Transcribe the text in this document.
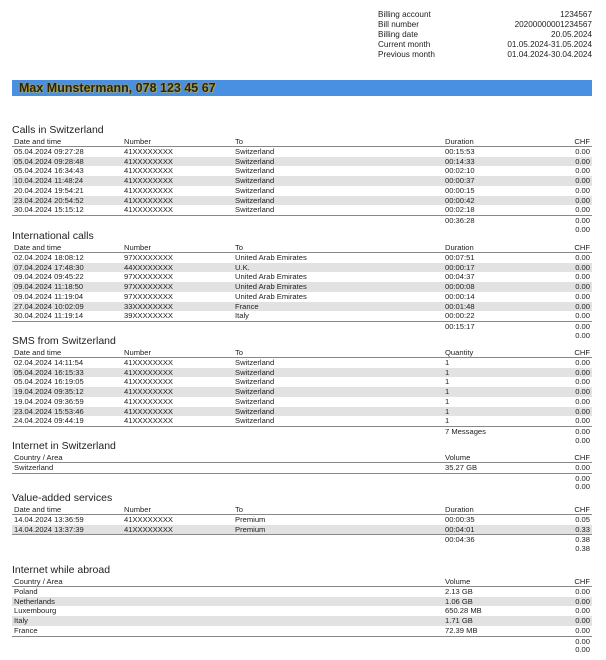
Billing account	1234567
Bill number	20200000001234567
Billing date	20.05.2024
Current month	01.05.2024-31.05.2024
Previous month	01.04.2024-30.04.2024
Max Munstermann, 078 123 45 67
Calls in Switzerland
Date and time	Number	To	Duration	CHF
05.04.2024 09:27:28	41XXXXXXXX	Switzerland	00:15:53	0.00
05.04.2024 09:28:48	41XXXXXXXX	Switzerland	00:14:33	0.00
05.04.2024 16:34:43	41XXXXXXXX	Switzerland	00:02:10	0.00
10.04.2024 11:48:24	41XXXXXXXX	Switzerland	00:00:37	0.00
20.04.2024 19:54:21	41XXXXXXXX	Switzerland	00:00:15	0.00
23.04.2024 20:54:52	41XXXXXXXX	Switzerland	00:00:42	0.00
30.04.2024 15:15:12	41XXXXXXXX	Switzerland	00:02:18	0.00
00:36:28	0.00
0.00
International calls
Date and time	Number	To	Duration	CHF
02.04.2024 18:08:12	97XXXXXXXX	United Arab Emirates	00:07:51	0.00
07.04.2024 17:48:30	44XXXXXXXX	U.K.	00:00:17	0.00
09.04.2024 09:45:22	97XXXXXXXX	United Arab Emirates	00:04:37	0.00
09.04.2024 11:18:50	97XXXXXXXX	United Arab Emirates	00:00:08	0.00
09.04.2024 11:19:04	97XXXXXXXX	United Arab Emirates	00:00:14	0.00
27.04.2024 10:02:09	33XXXXXXXX	France	00:01:48	0.00
30.04.2024 11:19:14	39XXXXXXXX	Italy	00:00:22	0.00
00:15:17	0.00
0.00
SMS from Switzerland
Date and time	Number	To	Quantity	CHF
02.04.2024 14:11:54	41XXXXXXXX	Switzerland	1	0.00
05.04.2024 16:15:33	41XXXXXXXX	Switzerland	1	0.00
05.04.2024 16:19:05	41XXXXXXXX	Switzerland	1	0.00
19.04.2024 09:35:12	41XXXXXXXX	Switzerland	1	0.00
19.04.2024 09:36:59	41XXXXXXXX	Switzerland	1	0.00
23.04.2024 15:53:46	41XXXXXXXX	Switzerland	1	0.00
24.04.2024 09:44:19	41XXXXXXXX	Switzerland	1	0.00
7 Messages	0.00
0.00
Internet in Switzerland
Country / Area	Volume	CHF
Switzerland	35.27 GB	0.00
0.00
0.00
Value-added services
Date and time	Number	To	Duration	CHF
14.04.2024 13:36:59	41XXXXXXXX	Premium	00:00:35	0.05
14.04.2024 13:37:39	41XXXXXXXX	Premium	00:04:01	0.33
00:04:36	0.38
0.38
Internet while abroad
Country / Area	Volume	CHF
Poland	2.13 GB	0.00
Netherlands	1.06 GB	0.00
Luxembourg	650.28 MB	0.00
Italy	1.71 GB	0.00
France	72.39 MB	0.00
0.00
0.00
